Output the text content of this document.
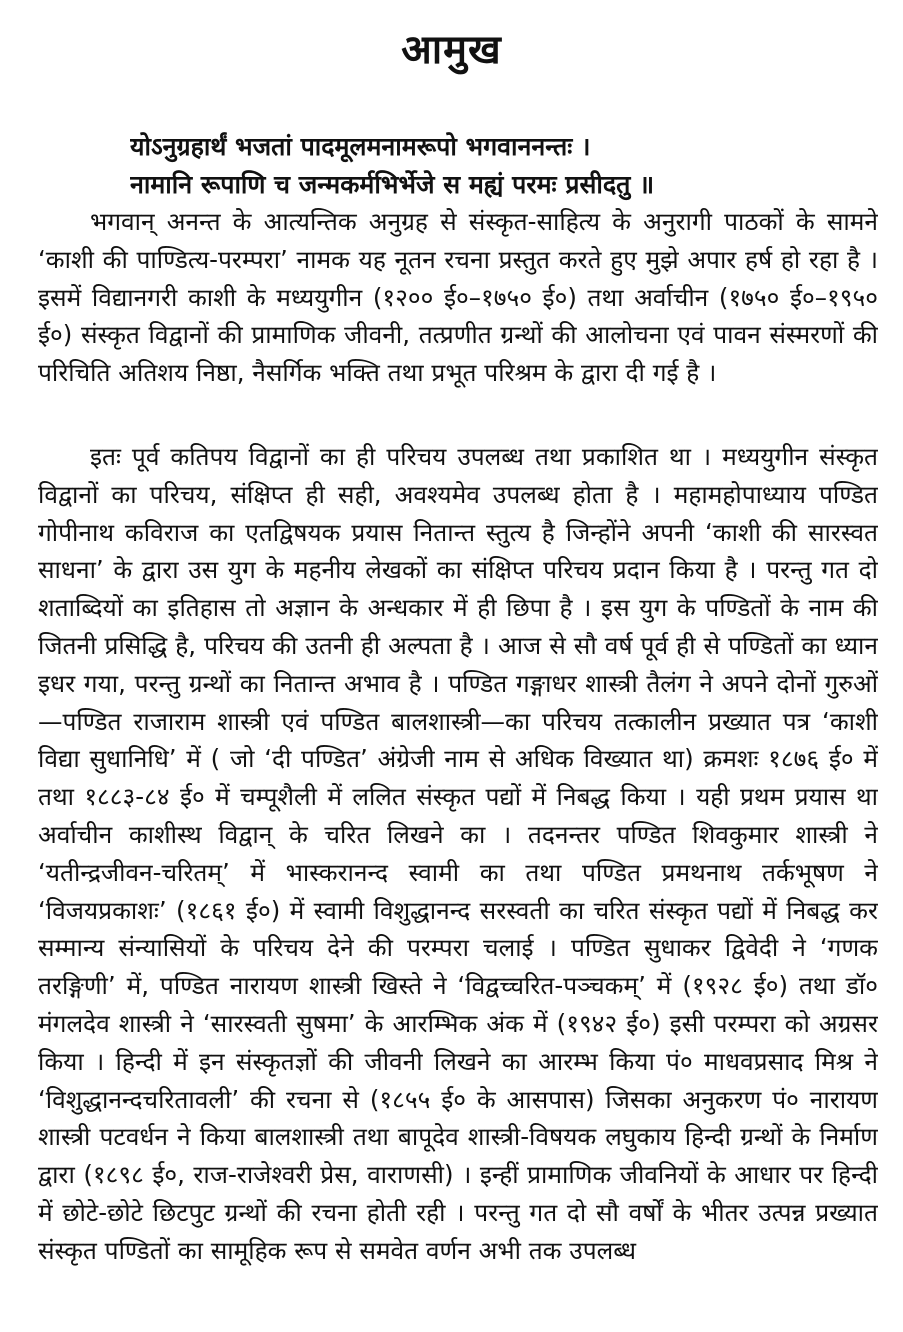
आमुख
योऽनुग्रहार्थं भजतां पादमूलमनामरूपो भगवाननन्तः ।
नामानि रूपाणि च जन्मकर्मभिर्भेजे स मह्यं परमः प्रसीदतु ॥

भगवान् अनन्त के आत्यन्तिक अनुग्रह से संस्कृत-साहित्य के अनुरागी पाठकों के सामने ‘काशी की पाण्डित्य-परम्परा’ नामक यह नूतन रचना प्रस्तुत करते हुए मुझे अपार हर्ष हो रहा है । इसमें विद्यानगरी काशी के मध्ययुगीन (१२०० ई०–१७५० ई०) तथा अर्वाचीन (१७५० ई०–१९५० ई०) संस्कृत विद्वानों की प्रामाणिक जीवनी, तत्प्रणीत ग्रन्थों की आलोचना एवं पावन संस्मरणों की परिचिति अतिशय निष्ठा, नैसर्गिक भक्ति तथा प्रभूत परिश्रम के द्वारा दी गई है ।

इतः पूर्व कतिपय विद्वानों का ही परिचय उपलब्ध तथा प्रकाशित था । मध्ययुगीन संस्कृत विद्वानों का परिचय, संक्षिप्त ही सही, अवश्यमेव उपलब्ध होता है । महामहोपाध्याय पण्डित गोपीनाथ कविराज का एतद्विषयक प्रयास नितान्त स्तुत्य है जिन्होंने अपनी ‘काशी की सारस्वत साधना’ के द्वारा उस युग के महनीय लेखकों का संक्षिप्त परिचय प्रदान किया है । परन्तु गत दो शताब्दियों का इतिहास तो अज्ञान के अन्धकार में ही छिपा है । इस युग के पण्डितों के नाम की जितनी प्रसिद्धि है, परिचय की उतनी ही अल्पता है । आज से सौ वर्ष पूर्व ही से पण्डितों का ध्यान इधर गया, परन्तु ग्रन्थों का नितान्त अभाव है । पण्डित गङ्गाधर शास्त्री तैलंग ने अपने दोनों गुरुओं—पण्डित राजाराम शास्त्री एवं पण्डित बालशास्त्री—का परिचय तत्कालीन प्रख्यात पत्र ‘काशी विद्या सुधानिधि’ में ( जो ‘दी पण्डित’ अंग्रेजी नाम से अधिक विख्यात था) क्रमशः १८७६ ई० में तथा १८८३-८४ ई० में चम्पूशैली में ललित संस्कृत पद्यों में निबद्ध किया । यही प्रथम प्रयास था अर्वाचीन काशीस्थ विद्वान् के चरित लिखने का । तदनन्तर पण्डित शिवकुमार शास्त्री ने ‘यतीन्द्रजीवन-चरितम्’ में भास्करानन्द स्वामी का तथा पण्डित प्रमथनाथ तर्कभूषण ने ‘विजयप्रकाशः’ (१८६१ ई०) में स्वामी विशुद्धानन्द सरस्वती का चरित संस्कृत पद्यों में निबद्ध कर सम्मान्य संन्यासियों के परिचय देने की परम्परा चलाई । पण्डित सुधाकर द्विवेदी ने ‘गणक तरङ्गिणी’ में, पण्डित नारायण शास्त्री खिस्ते ने ‘विद्वच्चरित-पञ्चकम्’ में (१९२८ ई०) तथा डॉ० मंगलदेव शास्त्री ने ‘सारस्वती सुषमा’ के आरम्भिक अंक में (१९४२ ई०) इसी परम्परा को अग्रसर किया । हिन्दी में इन संस्कृतज्ञों की जीवनी लिखने का आरम्भ किया पं० माधवप्रसाद मिश्र ने ‘विशुद्धानन्दचरितावली’ की रचना से (१८५५ ई० के आसपास) जिसका अनुकरण पं० नारायण शास्त्री पटवर्धन ने किया बालशास्त्री तथा बापूदेव शास्त्री-विषयक लघुकाय हिन्दी ग्रन्थों के निर्माण द्वारा (१८९८ ई०, राज-राजेश्वरी प्रेस, वाराणसी) । इन्हीं प्रामाणिक जीवनियों के आधार पर हिन्दी में छोटे-छोटे छिटपुट ग्रन्थों की रचना होती रही । परन्तु गत दो सौ वर्षों के भीतर उत्पन्न प्रख्यात संस्कृत पण्डितों का सामूहिक रूप से समवेत वर्णन अभी तक उपलब्ध
